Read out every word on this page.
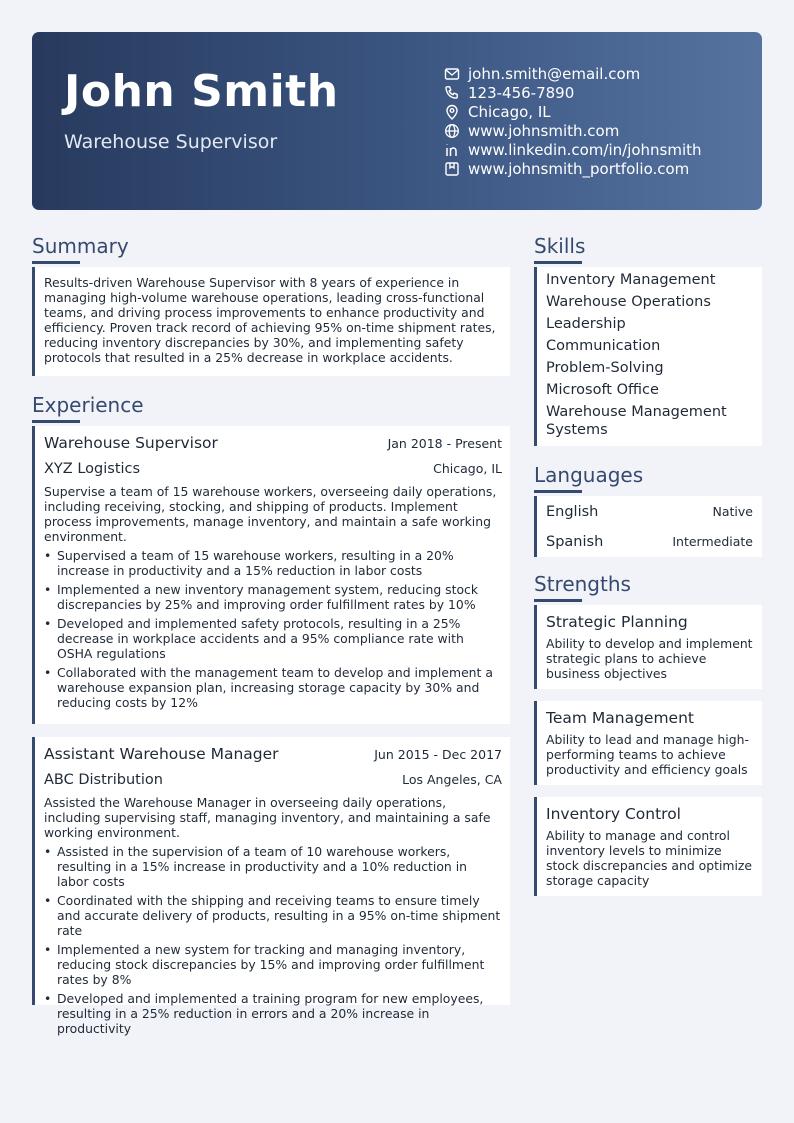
John Smith
Warehouse Supervisor
john.smith@email.com
123-456-7890
Chicago, IL
www.johnsmith.com
www.linkedin.com/in/johnsmith
www.johnsmith_portfolio.com
Summary
Results-driven Warehouse Supervisor with 8 years of experience in managing high-volume warehouse operations, leading cross-functional teams, and driving process improvements to enhance productivity and efficiency. Proven track record of achieving 95% on-time shipment rates, reducing inventory discrepancies by 30%, and implementing safety protocols that resulted in a 25% decrease in workplace accidents.
Experience
Warehouse Supervisor	Jan 2018 - Present
XYZ Logistics	Chicago, IL
Supervise a team of 15 warehouse workers, overseeing daily operations, including receiving, stocking, and shipping of products. Implement process improvements, manage inventory, and maintain a safe working environment.
• Supervised a team of 15 warehouse workers, resulting in a 20% increase in productivity and a 15% reduction in labor costs
• Implemented a new inventory management system, reducing stock discrepancies by 25% and improving order fulfillment rates by 10%
• Developed and implemented safety protocols, resulting in a 25% decrease in workplace accidents and a 95% compliance rate with OSHA regulations
• Collaborated with the management team to develop and implement a warehouse expansion plan, increasing storage capacity by 30% and reducing costs by 12%
Assistant Warehouse Manager	Jun 2015 - Dec 2017
ABC Distribution	Los Angeles, CA
Assisted the Warehouse Manager in overseeing daily operations, including supervising staff, managing inventory, and maintaining a safe working environment.
• Assisted in the supervision of a team of 10 warehouse workers, resulting in a 15% increase in productivity and a 10% reduction in labor costs
• Coordinated with the shipping and receiving teams to ensure timely and accurate delivery of products, resulting in a 95% on-time shipment rate
• Implemented a new system for tracking and managing inventory, reducing stock discrepancies by 15% and improving order fulfillment rates by 8%
• Developed and implemented a training program for new employees, resulting in a 25% reduction in errors and a 20% increase in productivity
Skills
Inventory Management
Warehouse Operations
Leadership
Communication
Problem-Solving
Microsoft Office
Warehouse Management Systems
Languages
English	Native
Spanish	Intermediate
Strengths
Strategic Planning
Ability to develop and implement strategic plans to achieve business objectives
Team Management
Ability to lead and manage high-performing teams to achieve productivity and efficiency goals
Inventory Control
Ability to manage and control inventory levels to minimize stock discrepancies and optimize storage capacity
